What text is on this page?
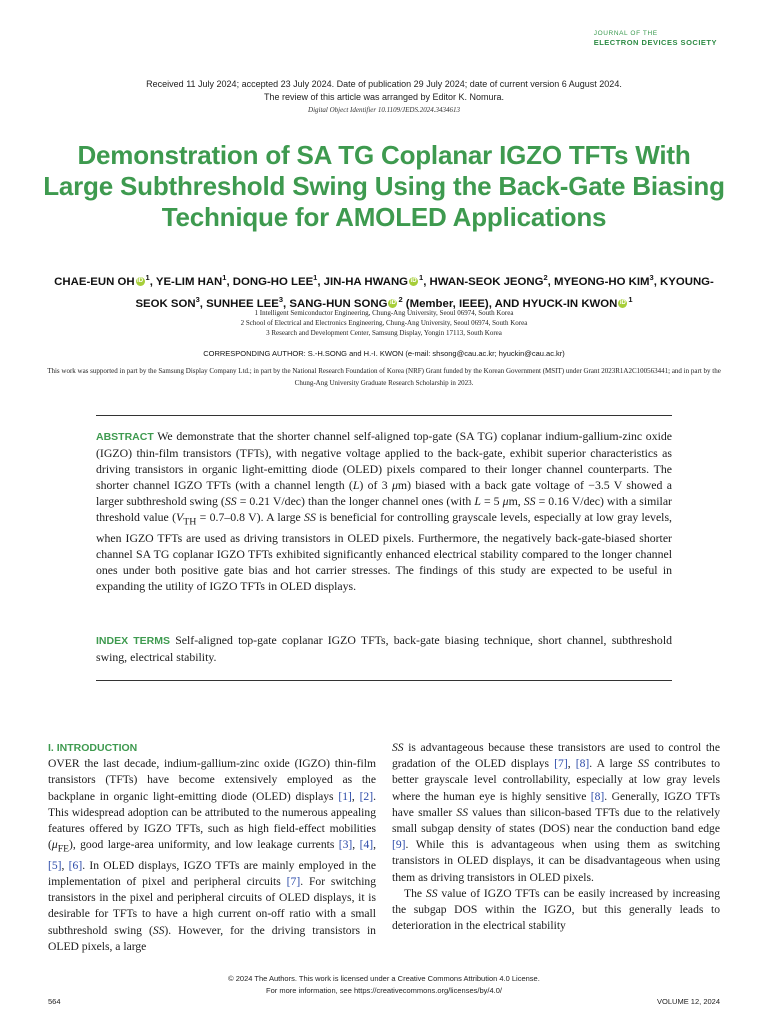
JOURNAL OF THE
ELECTRON DEVICES SOCIETY
Received 11 July 2024; accepted 23 July 2024. Date of publication 29 July 2024; date of current version 6 August 2024.
The review of this article was arranged by Editor K. Nomura.
Digital Object Identifier 10.1109/JEDS.2024.3434613
Demonstration of SA TG Coplanar IGZO TFTs With Large Subthreshold Swing Using the Back-Gate Biasing Technique for AMOLED Applications
CHAE-EUN OH iD $^1$, YE-LIM HAN$^1$, DONG-HO LEE$^1$, JIN-HA HWANG iD $^1$, HWAN-SEOK JEONG$^2$, MYEONG-HO KIM$^3$, KYOUNG-SEOK SON$^3$, SUNHEE LEE$^3$, SANG-HUN SONG iD $^2$ (Member, IEEE), AND HYUCK-IN KWON iD $^1$
1 Intelligent Semiconductor Engineering, Chung-Ang University, Seoul 06974, South Korea
2 School of Electrical and Electronics Engineering, Chung-Ang University, Seoul 06974, South Korea
3 Research and Development Center, Samsung Display, Yongin 17113, South Korea
CORRESPONDING AUTHOR: S.-H.SONG and H.-I. KWON (e-mail: shsong@cau.ac.kr; hyuckin@cau.ac.kr)
This work was supported in part by the Samsung Display Company Ltd.; in part by the National Research Foundation of Korea (NRF) Grant funded by the Korean Government (MSIT) under Grant 2023R1A2C100563441; and in part by the Chung-Ang University Graduate Research Scholarship in 2023.
ABSTRACT We demonstrate that the shorter channel self-aligned top-gate (SA TG) coplanar indium-gallium-zinc oxide (IGZO) thin-film transistors (TFTs), with negative voltage applied to the back-gate, exhibit superior characteristics as driving transistors in organic light-emitting diode (OLED) pixels compared to their longer channel counterparts. The shorter channel IGZO TFTs (with a channel length (L) of 3 μm) biased with a back gate voltage of −3.5 V showed a larger subthreshold swing (SS = 0.21 V/dec) than the longer channel ones (with L = 5 μm, SS = 0.16 V/dec) with a similar threshold value ($V_{TH} = 0.7-0.8$ V). A large SS is beneficial for controlling grayscale levels, especially at low gray levels, when IGZO TFTs are used as driving transistors in OLED pixels. Furthermore, the negatively back-gate-biased shorter channel SA TG coplanar IGZO TFTs exhibited significantly enhanced electrical stability compared to the longer channel ones under both positive gate bias and hot carrier stresses. The findings of this study are expected to be useful in expanding the utility of IGZO TFTs in OLED displays.
INDEX TERMS Self-aligned top-gate coplanar IGZO TFTs, back-gate biasing technique, short channel, subthreshold swing, electrical stability.
I. INTRODUCTION

OVER the last decade, indium-gallium-zinc oxide (IGZO) thin-film transistors (TFTs) have become extensively employed as the backplane in organic light-emitting diode (OLED) displays [1], [2]. This widespread adoption can be attributed to the numerous appealing features offered by IGZO TFTs, such as high field-effect mobilities $(\mu_{FE})$, good large-area uniformity, and low leakage currents [3], [4], [5], [6]. In OLED displays, IGZO TFTs are mainly employed in the implementation of pixel and peripheral circuits [7]. For switching transistors in the pixel and peripheral circuits of OLED displays, it is desirable for TFTs to have a high current on-off ratio with a small subthreshold swing (SS). However, for the driving transistors in OLED pixels, a large

SS is advantageous because these transistors are used to control the gradation of the OLED displays [7], [8]. A large SS contributes to better grayscale level controllability, especially at low gray levels where the human eye is highly sensitive [8]. Generally, IGZO TFTs have smaller SS values than silicon-based TFTs due to the relatively small subgap density of states (DOS) near the conduction band edge [9]. While this is advantageous when using them as switching transistors in OLED displays, it can be disadvantageous when using them as driving transistors in OLED pixels.

The SS value of IGZO TFTs can be easily increased by increasing the subgap DOS within the IGZO, but this generally leads to deterioration in the electrical stability

© 2024 The Authors. This work is licensed under a Creative Commons Attribution 4.0 License.
For more information, see https://creativecommons.org/licenses/by/4.0/
564	VOLUME 12, 2024
